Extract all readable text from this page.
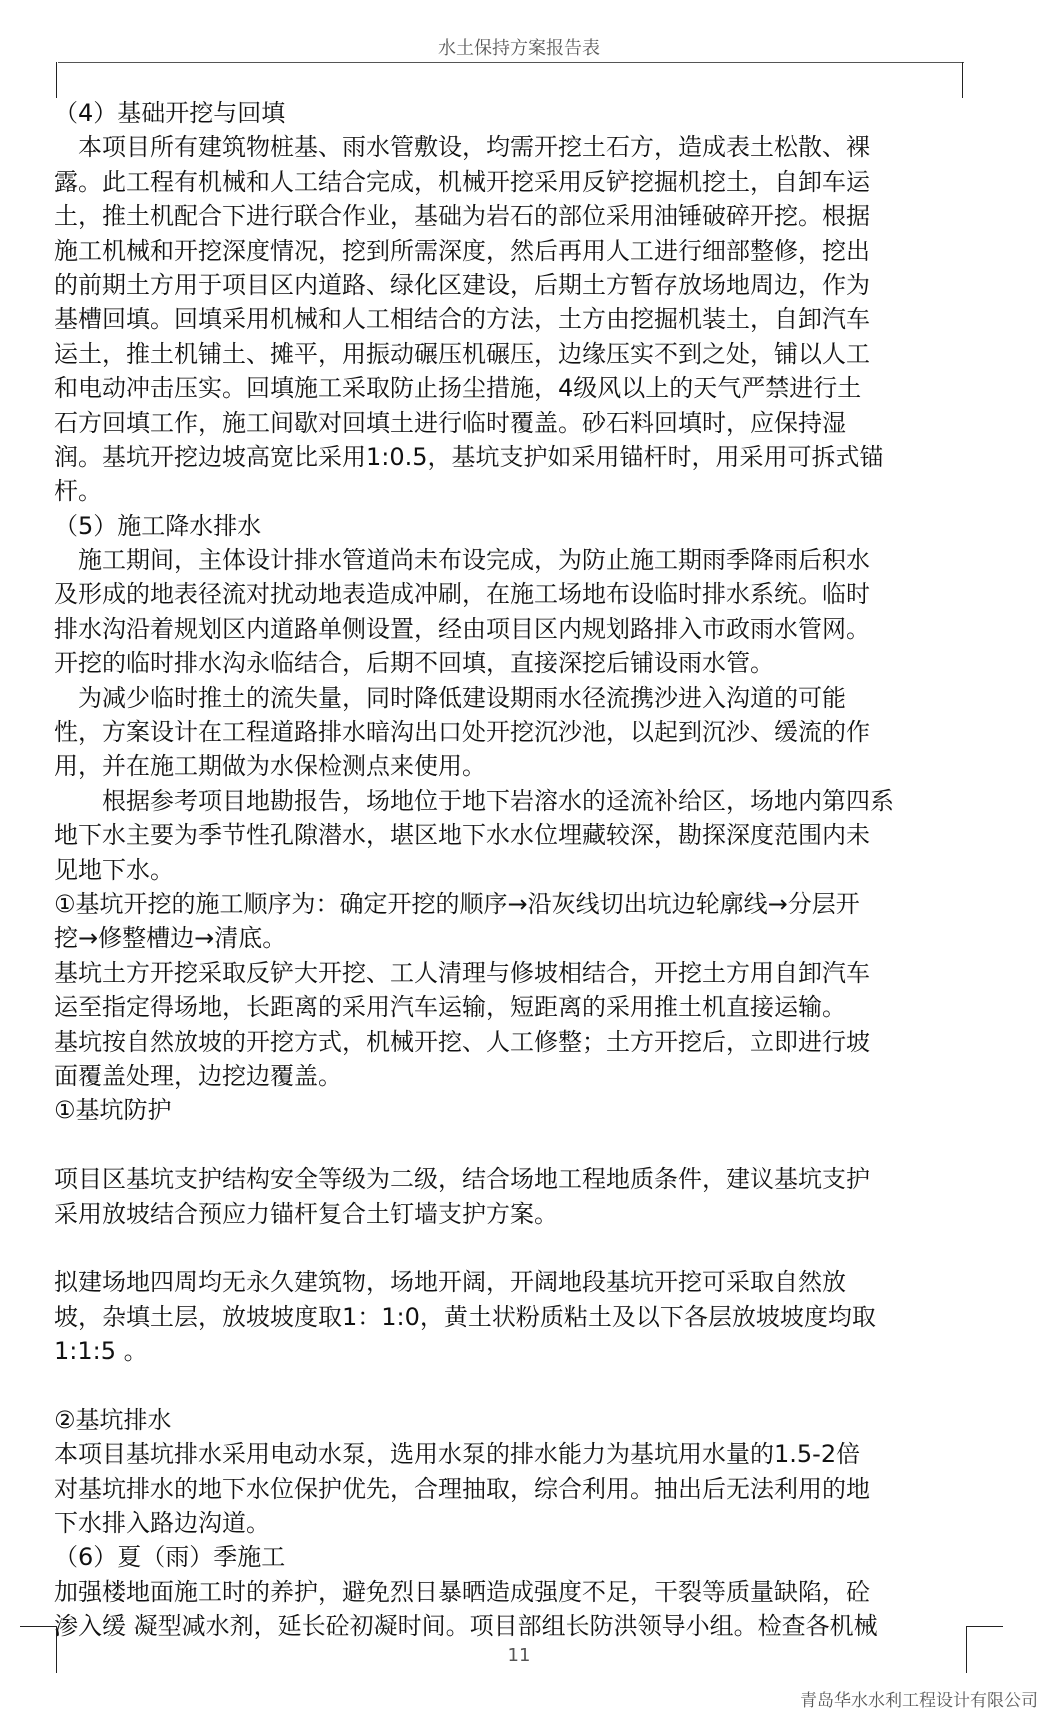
水土保持方案报告表
（4）基础开挖与回填
　本项目所有建筑物桩基、雨水管敷设，均需开挖土石方，造成表土松散、裸
露。此工程有机械和人工结合完成，机械开挖采用反铲挖掘机挖土，自卸车运
土，推土机配合下进行联合作业，基础为岩石的部位采用油锤破碎开挖。根据
施工机械和开挖深度情况，挖到所需深度，然后再用人工进行细部整修，挖出
的前期土方用于项目区内道路、绿化区建设，后期土方暂存放场地周边，作为
基槽回填。回填采用机械和人工相结合的方法，土方由挖掘机装土，自卸汽车
运土，推土机铺土、摊平，用振动碾压机碾压，边缘压实不到之处，铺以人工
和电动冲击压实。回填施工采取防止扬尘措施，4级风以上的天气严禁进行土
石方回填工作，施工间歇对回填土进行临时覆盖。砂石料回填时，应保持湿
润。基坑开挖边坡高宽比采用1:0.5，基坑支护如采用锚杆时，用采用可拆式锚
杆。
（5）施工降水排水
　施工期间，主体设计排水管道尚未布设完成，为防止施工期雨季降雨后积水
及形成的地表径流对扰动地表造成冲刷，在施工场地布设临时排水系统。临时
排水沟沿着规划区内道路单侧设置，经由项目区内规划路排入市政雨水管网。
开挖的临时排水沟永临结合，后期不回填，直接深挖后铺设雨水管。
　为减少临时推土的流失量，同时降低建设期雨水径流携沙进入沟道的可能
性，方案设计在工程道路排水暗沟出口处开挖沉沙池，以起到沉沙、缓流的作
用，并在施工期做为水保检测点来使用。
　　根据参考项目地勘报告，场地位于地下岩溶水的迳流补给区，场地内第四系
地下水主要为季节性孔隙潜水，堪区地下水水位埋藏较深，勘探深度范围内未
见地下水。
①基坑开挖的施工顺序为：确定开挖的顺序→沿灰线切出坑边轮廓线→分层开
挖→修整槽边→清底。
基坑土方开挖采取反铲大开挖、工人清理与修坡相结合，开挖土方用自卸汽车
运至指定得场地，长距离的采用汽车运输，短距离的采用推土机直接运输。
基坑按自然放坡的开挖方式，机械开挖、人工修整；土方开挖后，立即进行坡
面覆盖处理，边挖边覆盖。
①基坑防护
项目区基坑支护结构安全等级为二级，结合场地工程地质条件，建议基坑支护
采用放坡结合预应力锚杆复合土钉墙支护方案。
拟建场地四周均无永久建筑物，场地开阔，开阔地段基坑开挖可采取自然放
坡，杂填土层，放坡坡度取1：1:0，黄土状粉质粘土及以下各层放坡坡度均取
1:1:5 。
②基坑排水
本项目基坑排水采用电动水泵，选用水泵的排水能力为基坑用水量的1.5-2倍
对基坑排水的地下水位保护优先，合理抽取，综合利用。抽出后无法利用的地
下水排入路边沟道。
（6）夏（雨）季施工
加强楼地面施工时的养护，避免烈日暴晒造成强度不足，干裂等质量缺陷，砼
渗入缓 凝型减水剂，延长砼初凝时间。项目部组长防洪领导小组。检查各机械
11
青岛华水水利工程设计有限公司
